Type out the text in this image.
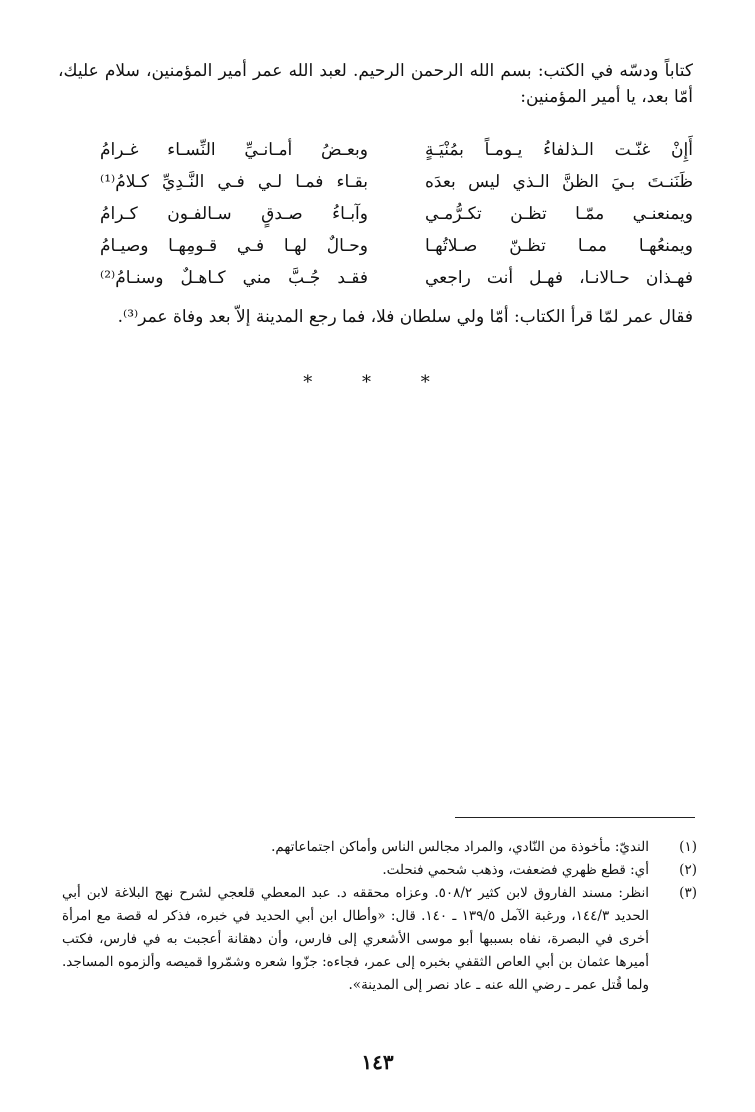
كتاباً ودسّه في الكتب: بسم الله الرحمن الرحيم. لعبد الله عمر أمير المؤمنين، سلام عليك، أمّا بعد، يا أمير المؤمنين:

أَإِنْ غنّـت الـذلفاءُ يـومـاً بمُنْيَـةٍ
وبعـضُ أمـانـيِّ النِّسـاء غـرامُ
ظَنَنـتَ بـيَ الظنَّ الـذي ليس بعدَه
بقـاء فمـا لـي فـي النَّـدِيِّ كـلامُ⁽¹⁾
ويمنعنـي ممّـا تظـن تكـرُّمـي
وآبـاءُ صـدقٍ سـالفـون كـرامُ
ويمنعُهـا ممـا تظـنّ صـلاتُهـا
وحـالٌ لهـا فـي قـومِهـا وصيـامُ
فهـذان حـالانـا، فهـل أنت راجعي
فقـد جُـبَّ مني كـاهـلٌ وسنـامُ⁽²⁾

فقال عمر لمّا قرأ الكتاب: أمّا ولي سلطان فلا، فما رجع المدينة إلاّ بعد وفاة عمر⁽³⁾.

* * *
(١)
النديّ: مأخوذة من النّادي، والمراد مجالس الناس وأماكن اجتماعاتهم.
(٢)
أي: قطع ظهري فضعفت، وذهب شحمي فنحلت.
(٣)
انظر: مسند الفاروق لابن كثير ٥٠٨/٢. وعزاه محققه د. عبد المعطي قلعجي لشرح نهج البلاغة لابن أبي الحديد ١٤٤/٣، ورغبة الآمل ١٣٩/٥ ـ ١٤٠. قال: «وأطال ابن أبي الحديد في خبره، فذكر له قصة مع امرأة أخرى في البصرة، نفاه بسببها أبو موسى الأشعري إلى فارس، وأن دهقانة أعجبت به في فارس، فكتب أميرها عثمان بن أبي العاص الثقفي بخبره إلى عمر، فجاءه: جزّوا شعره وشمّروا قميصه وألزموه المساجد. ولما قُتل عمر ـ رضي الله عنه ـ عاد نصر إلى المدينة».
١٤٣
